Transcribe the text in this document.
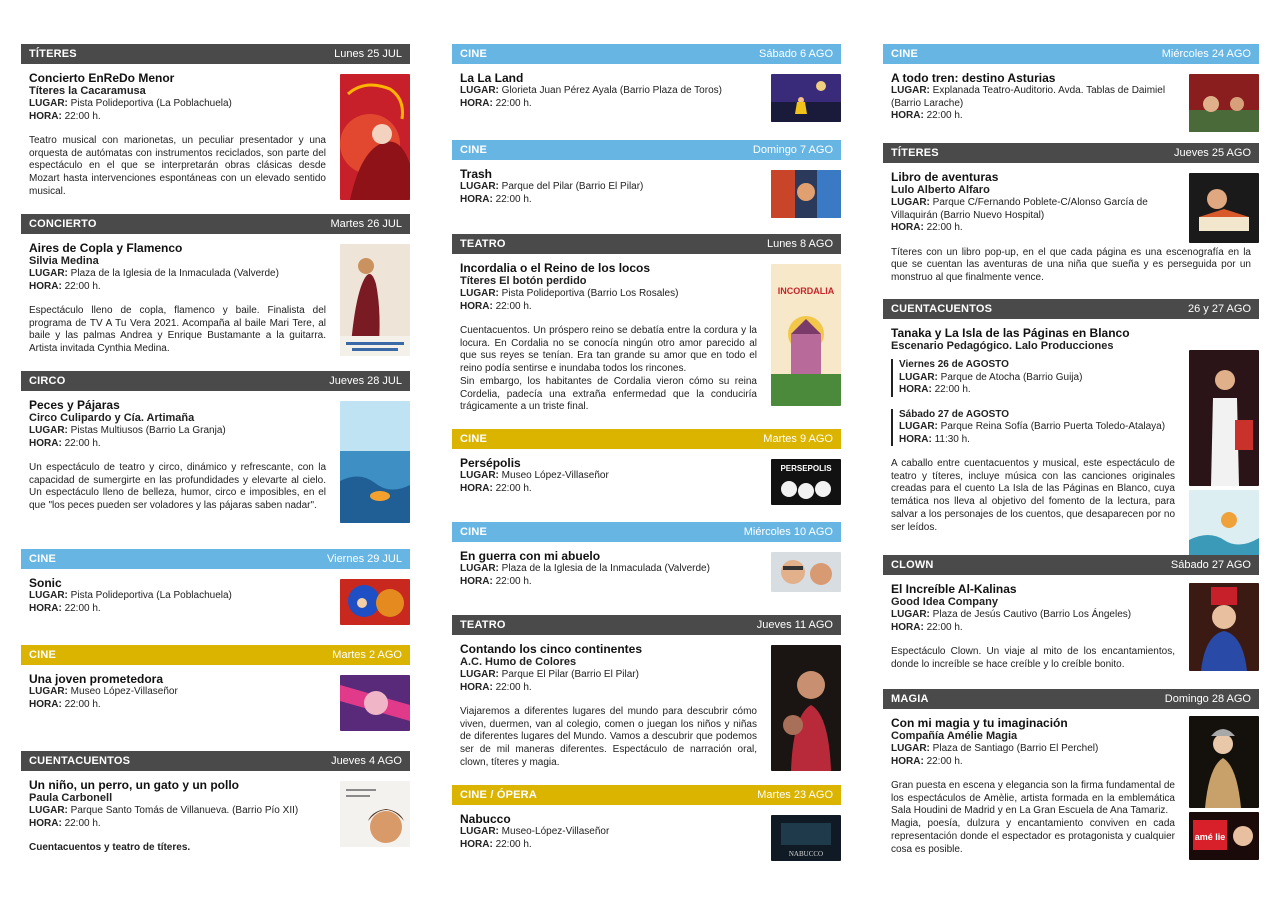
TÍTERES	Lunes 25 JUL
Concierto EnReDo Menor
Títeres la Cacaramusa
LUGAR: Pista Polideportiva (La Poblachuela)
HORA: 22:00 h.
Teatro musical con marionetas, un peculiar presentador y una orquesta de autómatas con instrumentos reciclados, son parte del espectáculo en el que se interpretarán obras clásicas desde Mozart hasta intervenciones espontáneas con un elevado sentido musical.
CONCIERTO	Martes 26 JUL
Aires de Copla y Flamenco
Silvia Medina
LUGAR: Plaza de la Iglesia de la Inmaculada (Valverde)
HORA: 22:00 h.
Espectáculo lleno de copla, flamenco y baile. Finalista del programa de TV A Tu Vera 2021. Acompaña al baile Mari Tere, al baile y las palmas Andrea y Enrique Bustamante a la guitarra. Artista invitada Cynthia Medina.
CIRCO	Jueves 28 JUL
Peces y Pájaras
Circo Culipardo y Cía. Artimaña
LUGAR: Pistas Multiusos (Barrio La Granja)
HORA: 22:00 h.
Un espectáculo de teatro y circo, dinámico y refrescante, con la capacidad de sumergirte en las profundidades y elevarte al cielo. Un espectáculo lleno de belleza, humor, circo e imposibles, en el que "los peces pueden ser voladores y las pájaras saben nadar".
CINE	Viernes 29 JUL
Sonic
LUGAR: Pista Polideportiva (La Poblachuela)
HORA: 22:00 h.
CINE	Martes 2 AGO
Una joven prometedora
LUGAR: Museo López-Villaseñor
HORA: 22:00 h.
CUENTACUENTOS	Jueves 4 AGO
Un niño, un perro, un gato y un pollo
Paula Carbonell
LUGAR: Parque Santo Tomás de Villanueva. (Barrio Pío XII)
HORA: 22:00 h.
Cuentacuentos y teatro de títeres.
CINE	Sábado 6 AGO
La La Land
LUGAR: Glorieta Juan Pérez Ayala (Barrio Plaza de Toros)
HORA: 22:00 h.
CINE	Domingo 7 AGO
Trash
LUGAR: Parque del Pilar (Barrio El Pilar)
HORA: 22:00 h.
TEATRO	Lunes 8 AGO
INCORDALIA
Incordalia o el Reino de los locos
Títeres El botón perdido
LUGAR: Pista Polideportiva (Barrio Los Rosales)
HORA: 22:00 h.
Cuentacuentos. Un próspero reino se debatía entre la cordura y la locura. En Cordalia no se conocía ningún otro amor parecido al que sus reyes se tenían. Era tan grande su amor que en todo el reino podía sentirse e inundaba todos los rincones.
Sin embargo, los habitantes de Cordalia vieron cómo su reina Cordelia, padecía una extraña enfermedad que la conduciría trágicamente a un triste final.
CINE	Martes 9 AGO
PERSEPOLIS
Persépolis
LUGAR: Museo López-Villaseñor
HORA: 22:00 h.
CINE	Miércoles 10 AGO
En guerra con mi abuelo
LUGAR: Plaza de la Iglesia de la Inmaculada (Valverde)
HORA: 22:00 h.
TEATRO	Jueves 11 AGO
Contando los cinco continentes
A.C. Humo de Colores
LUGAR: Parque El Pilar (Barrio El Pilar)
HORA: 22:00 h.
Viajaremos a diferentes lugares del mundo para descubrir cómo viven, duermen, van al colegio, comen o juegan los niños y niñas de diferentes lugares del Mundo. Vamos a descubrir que podemos ser de mil maneras diferentes. Espectáculo de narración oral, clown, títeres y magia.
CINE / ÓPERA	Martes 23 AGO
NABUCCO
Nabucco
LUGAR: Museo-López-Villaseñor
HORA: 22:00 h.
CINE	Miércoles 24 AGO
A todo tren: destino Asturias
LUGAR: Explanada Teatro-Auditorio. Avda. Tablas de Daimiel (Barrio Larache)
HORA: 22:00 h.
TÍTERES	Jueves 25 AGO
Libro de aventuras
Lulo Alberto Alfaro
LUGAR: Parque C/Fernando Poblete-C/Alonso García de Villaquirán (Barrio Nuevo Hospital)
HORA: 22:00 h.
Títeres con un libro pop-up, en el que cada página es una escenografía en la que se cuentan las aventuras de una niña que sueña y es perseguida por un monstruo al que finalmente vence.
CUENTACUENTOS	26 y 27 AGO
Tanaka y La Isla de las Páginas en Blanco
Escenario Pedagógico. Lalo Producciones
Viernes 26 de AGOSTO
LUGAR: Parque de Atocha (Barrio Guija)
HORA: 22:00 h.
Sábado 27 de AGOSTO
LUGAR: Parque Reina Sofía (Barrio Puerta Toledo-Atalaya)
HORA: 11:30 h.
A caballo entre cuentacuentos y musical, este espectáculo de teatro y títeres, incluye música con las canciones originales creadas para el cuento La Isla de las Páginas en Blanco, cuya temática nos lleva al objetivo del fomento de la lectura, para salvar a los personajes de los cuentos, que desaparecen por no ser leídos.
CLOWN	Sábado 27 AGO
El Increíble Al-Kalinas
Good Idea Company
LUGAR: Plaza de Jesús Cautivo (Barrio Los Ángeles)
HORA: 22:00 h.
Espectáculo Clown. Un viaje al mito de los encantamientos, donde lo increíble se hace creíble y lo creíble bonito.
MAGIA	Domingo 28 AGO
amé lie
Con mi magia y tu imaginación
Compañía Amélie Magia
LUGAR: Plaza de Santiago (Barrio El Perchel)
HORA: 22:00 h.
Gran puesta en escena y elegancia son la firma fundamental de los espectáculos de Amèlie, artista formada en la emblemática Sala Houdini de Madrid y en La Gran Escuela de Ana Tamariz.
Magia, poesía, dulzura y encantamiento conviven en cada representación donde el espectador es protagonista y cualquier cosa es posible.
